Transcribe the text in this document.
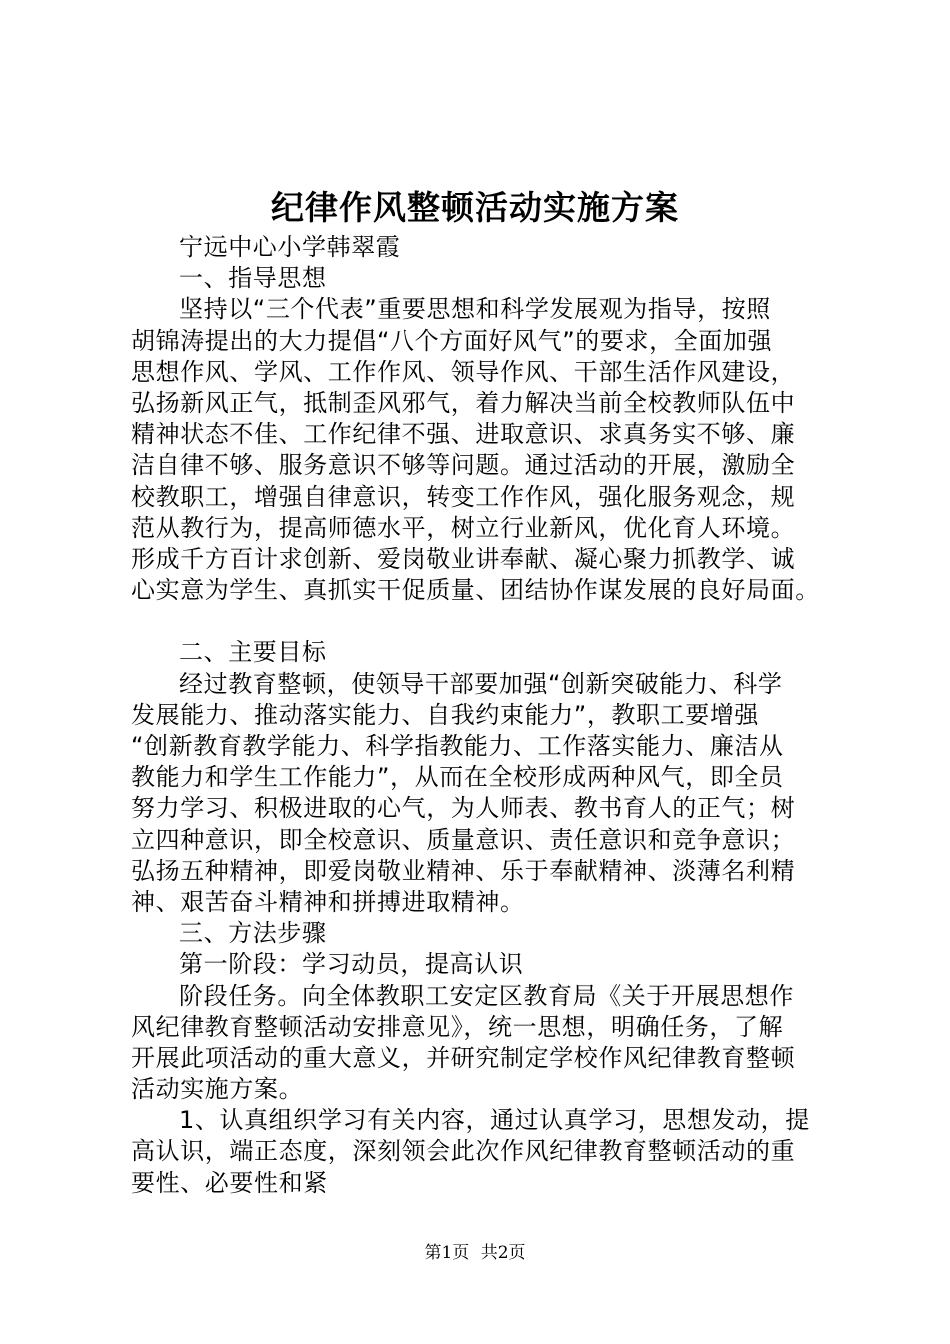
纪律作风整顿活动实施方案
宁远中心小学韩翠霞
一、指导思想
坚持以“三个代表”重要思想和科学发展观为指导，按照
胡锦涛提出的大力提倡“八个方面好风气”的要求，全面加强
思想作风、学风、工作作风、领导作风、干部生活作风建设，
弘扬新风正气，抵制歪风邪气，着力解决当前全校教师队伍中
精神状态不佳、工作纪律不强、进取意识、求真务实不够、廉
洁自律不够、服务意识不够等问题。通过活动的开展，激励全
校教职工，增强自律意识，转变工作作风，强化服务观念，规
范从教行为，提高师德水平，树立行业新风，优化育人环境。
形成千方百计求创新、爱岗敬业讲奉献、凝心聚力抓教学、诚
心实意为学生、真抓实干促质量、团结协作谋发展的良好局面。
二、主要目标
经过教育整顿，使领导干部要加强“创新突破能力、科学
发展能力、推动落实能力、自我约束能力”，教职工要增强
“创新教育教学能力、科学指教能力、工作落实能力、廉洁从
教能力和学生工作能力”，从而在全校形成两种风气，即全员
努力学习、积极进取的心气，为人师表、教书育人的正气；树
立四种意识，即全校意识、质量意识、责任意识和竞争意识；
弘扬五种精神，即爱岗敬业精神、乐于奉献精神、淡薄名利精
神、艰苦奋斗精神和拼搏进取精神。
三、方法步骤
第一阶段：学习动员，提高认识
阶段任务。向全体教职工安定区教育局《关于开展思想作
风纪律教育整顿活动安排意见》，统一思想，明确任务，了解
开展此项活动的重大意义，并研究制定学校作风纪律教育整顿
活动实施方案。
1、认真组织学习有关内容，通过认真学习，思想发动，提
高认识，端正态度，深刻领会此次作风纪律教育整顿活动的重
要性、必要性和紧
第1页 共2页
